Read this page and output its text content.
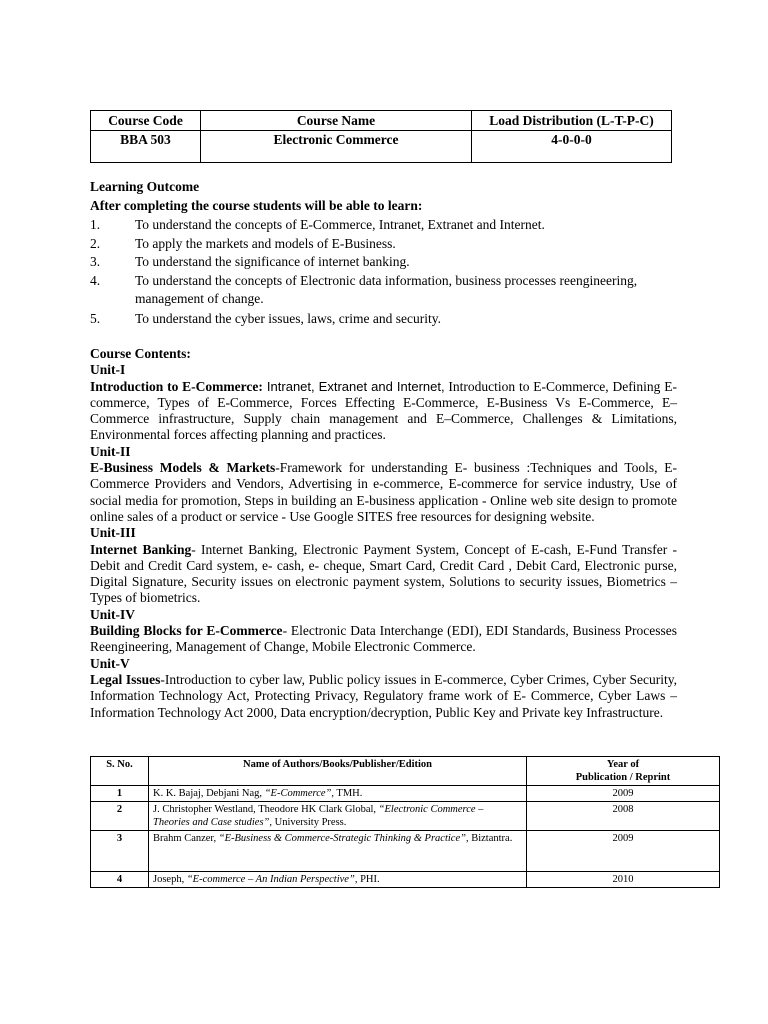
Course Code	Course Name	Load Distribution (L-T-P-C)
BBA 503	Electronic Commerce	4-0-0-0
Learning Outcome
After completing the course students will be able to learn:
1.	To understand the concepts of E-Commerce, Intranet, Extranet and Internet.
2.	To apply the markets and models of E-Business.
3.	To understand the significance of internet banking.
4.	To understand the concepts of Electronic data information, business processes reengineering, management of change.
5.	To understand the cyber issues, laws, crime and security.
Course Contents:
Unit-I

Introduction to E-Commerce: Intranet, Extranet and Internet, Introduction to E-Commerce, Defining E-commerce, Types of E-Commerce, Forces Effecting E-Commerce, E-Business Vs E-Commerce, E–Commerce infrastructure, Supply chain management and E–Commerce, Challenges & Limitations, Environmental forces affecting planning and practices.

Unit-II

E-Business Models & Markets-Framework for understanding E- business :Techniques and Tools, E-Commerce Providers and Vendors, Advertising in e-commerce, E-commerce for service industry, Use of social media for promotion, Steps in building an E-business application - Online web site design to promote online sales of a product or service - Use Google SITES free resources for designing website.

Unit-III

Internet Banking- Internet Banking, Electronic Payment System, Concept of E-cash, E-Fund Transfer - Debit and Credit Card system, e- cash, e- cheque, Smart Card, Credit Card , Debit Card, Electronic purse, Digital Signature, Security issues on electronic payment system, Solutions to security issues, Biometrics – Types of biometrics.

Unit-IV

Building Blocks for E-Commerce- Electronic Data Interchange (EDI), EDI Standards, Business Processes Reengineering, Management of Change, Mobile Electronic Commerce.

Unit-V

Legal Issues-Introduction to cyber law, Public policy issues in E-commerce, Cyber Crimes, Cyber Security, Information Technology Act, Protecting Privacy, Regulatory frame work of E- Commerce, Cyber Laws – Information Technology Act 2000, Data encryption/decryption, Public Key and Private key Infrastructure.

S. No.	Name of Authors/Books/Publisher/Edition	Year of
Publication / Reprint
1	K. K. Bajaj, Debjani Nag, “E-Commerce”, TMH.	2009
2	J. Christopher Westland, Theodore HK Clark Global, “Electronic Commerce – Theories and Case studies”, University Press.	2008
3	Brahm Canzer, “E-Business & Commerce-Strategic Thinking & Practice”, Biztantra.	2009
4	Joseph, “E-commerce – An Indian Perspective”, PHI.	2010
